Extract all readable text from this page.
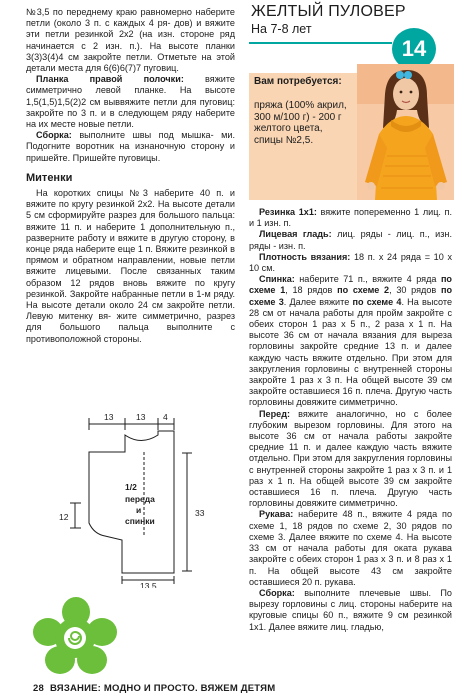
№3,5 по переднему краю равномерно наберите петли (около 3 п. с каждых 4 ря- дов) и вяжите эти петли резинкой 2х2 (на изн. стороне ряд начинается с 2 изн. п.). На высоте планки 3(3)3(4)4 см закройте петли. Отметьте на этой детали места для 6(6)6(7)7 пуговиц.

Планка правой полочки: вяжите симметрично левой планке. На высоте 1,5(1,5)1,5(2)2 см выввяжите петли для пуговиц: закройте по 3 п. и в следующем ряду наберите на их месте новые петли.

Сборка: выполните швы под мышка- ми. Подогните воротник на изнаночную сторону и пришейте. Пришейте пуговицы.

Митенки

На коротких спицы №3 наберите 40 п. и вяжите по кругу резинкой 2х2. На высоте детали 5 см сформируйте разрез для большого пальца: вяжите 11 п. и наберите 1 дополнительную п., разверните работу и вяжите в другую сторону, в конце ряда наберите еще 1 п. Вяжите резинкой в прямом и обратном направлении, новые петли вяжите лицевыми. После связанных таким образом 12 рядов вновь вяжите по кругу резинкой. Закройте набранные петли в 1-м ряду. На высоте детали около 24 см закройте петли. Левую митенку вя- жите симметрично, разрез для большого пальца выполните с противоположной стороны.

ЖЕЛТЫЙ ПУЛОВЕР
На 7-8 лет
14
Вам потребуется:
пряжа (100% акрил, 300 м/100 г) - 200 г желтого цвета, спицы №2,5.

Резинка 1х1: вяжите попеременно 1 лиц. п. и 1 изн. п.

Лицевая гладь: лиц. ряды - лиц. п., изн. ряды - изн. п.

Плотность вязания: 18 п. х 24 ряда = 10 х 10 см.

Спинка: наберите 71 п., вяжите 4 ряда по схеме 1, 18 рядов по схеме 2, 30 рядов по схеме 3. Далее вяжите по схеме 4. На высоте 28 см от начала работы для пройм закройте с обеих сторон 1 раз х 5 п., 2 раза х 1 п. На высоте 36 см от начала вязания для выреза горловины закройте средние 13 п. и далее каждую часть вяжите отдельно. При этом для закругления горловины с внутренней стороны закройте 1 раз х 3 п. На общей высоте 39 см закройте оставшиеся 16 п. плеча. Другую часть горловины довяжите симметрично.

Перед: вяжите аналогично, но с более глубоким вырезом горловины. Для этого на высоте 36 см от начала работы закройте средние 11 п. и далее каждую часть вяжите отдельно. При этом для закругления горловины с внутренней стороны закройте 1 раз х 3 п. и 1 раз х 1 п. На общей высоте 39 см закройте оставшиеся 16 п. плеча. Другую часть горловины довяжите симметрично.

Рукава: наберите 48 п., вяжите 4 ряда по схеме 1, 18 рядов по схеме 2, 30 рядов по схеме 3. Далее вяжите по схеме 4. На высоте 33 см от начала работы для оката рукава закройте с обеих сторон 1 раз х 3 п. и 8 раз х 1 п. На общей высоте 43 см закройте оставшиеся 20 п. рукава.

Сборка: выполните плечевые швы. По вырезу горловины с лиц. стороны наберите на круговые спицы 60 п., вяжите 9 см резинкой 1х1. Далее вяжите лиц. гладью,

13	13 4
12	33
13,5
1/2
переда
и
спинки
28 ВЯЗАНИЕ: МОДНО И ПРОСТО. ВЯЖЕМ ДЕТЯМ
